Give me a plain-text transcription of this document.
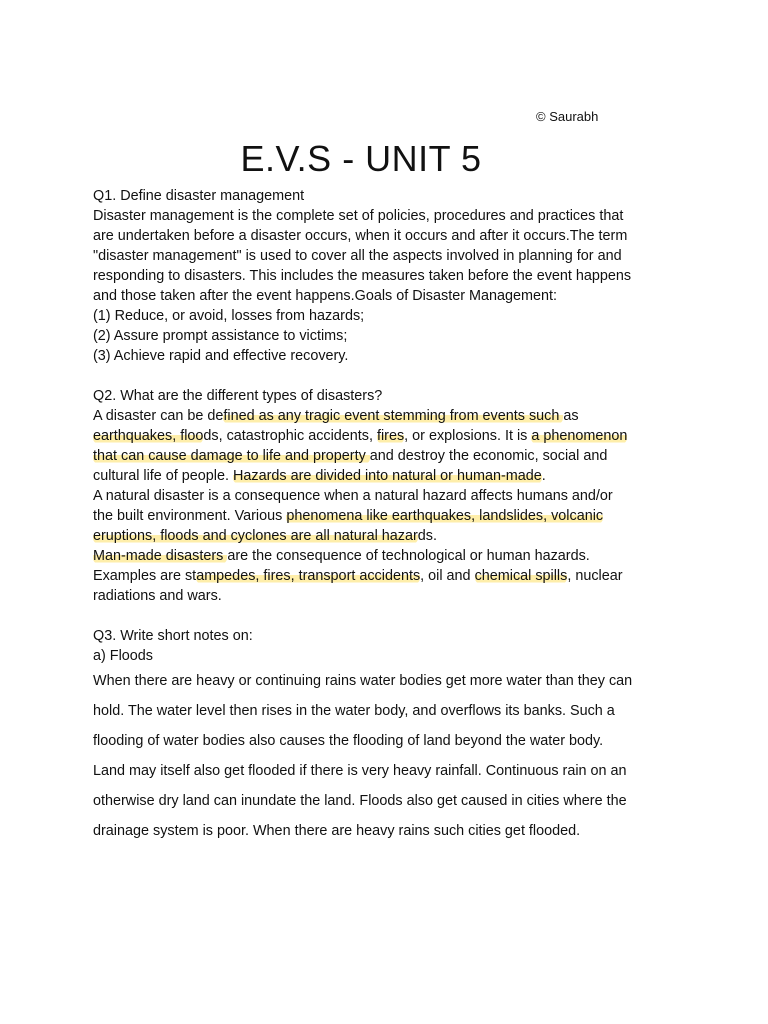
© Saurabh
E.V.S - UNIT 5
Q1. Define disaster management
Disaster management is the complete set of policies, procedures and practices that
are undertaken before a disaster occurs, when it occurs and after it occurs.The term
"disaster management" is used to cover all the aspects involved in planning for and
responding to disasters. This includes the measures taken before the event happens
and those taken after the event happens.Goals of Disaster Management:
(1) Reduce, or avoid, losses from hazards;
(2) Assure prompt assistance to victims;
(3) Achieve rapid and effective recovery.
Q2. What are the different types of disasters?
A disaster can be defined as any tragic event stemming from events such as
earthquakes, floods, catastrophic accidents, fires, or explosions. It is a phenomenon
that can cause damage to life and property and destroy the economic, social and
cultural life of people. Hazards are divided into natural or human-made.
A natural disaster is a consequence when a natural hazard affects humans and/or
the built environment. Various phenomena like earthquakes, landslides, volcanic
eruptions, floods and cyclones are all natural hazards.
Man-made disasters are the consequence of technological or human hazards.
Examples are stampedes, fires, transport accidents, oil and chemical spills, nuclear
radiations and wars.
Q3. Write short notes on:
a) Floods
When there are heavy or continuing rains water bodies get more water than they can
hold. The water level then rises in the water body, and overflows its banks. Such a
flooding of water bodies also causes the flooding of land beyond the water body.
Land may itself also get flooded if there is very heavy rainfall. Continuous rain on an
otherwise dry land can inundate the land. Floods also get caused in cities where the
drainage system is poor. When there are heavy rains such cities get flooded.
